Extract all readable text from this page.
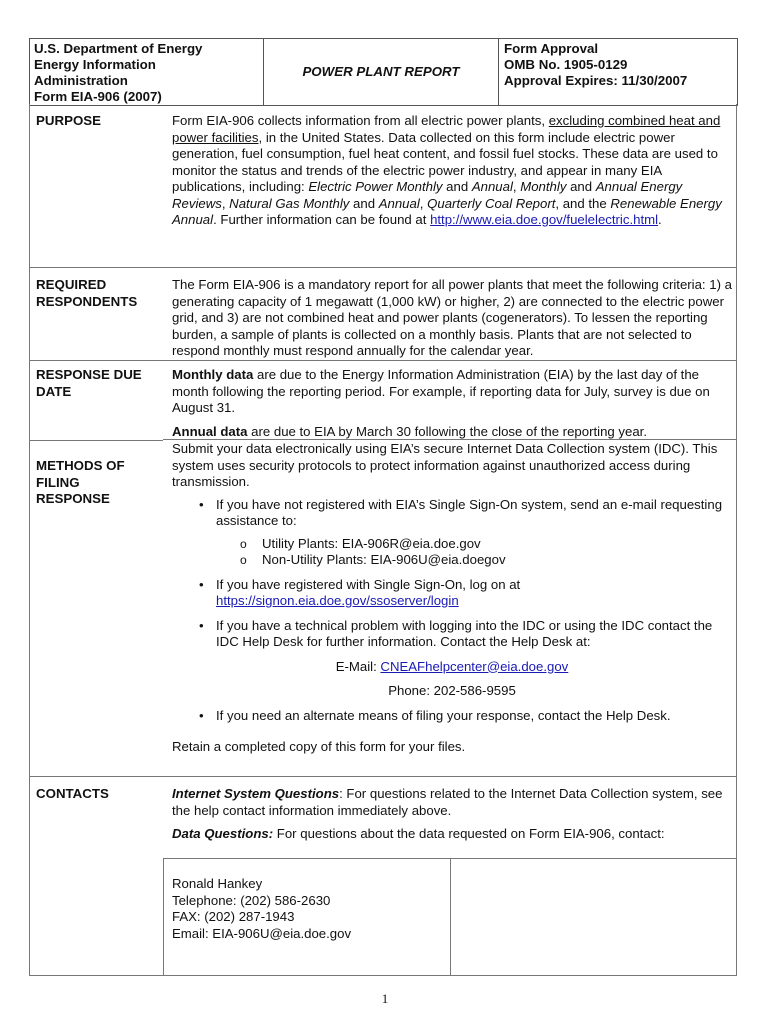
U.S. Department of Energy
Energy Information
Administration
Form EIA-906 (2007)
POWER PLANT REPORT
Form Approval
OMB No. 1905-0129
Approval Expires: 11/30/2007
PURPOSE	Form EIA-906 collects information from all electric power plants, excluding combined heat and power facilities, in the United States. Data collected on this form include electric power generation, fuel consumption, fuel heat content, and fossil fuel stocks. These data are used to monitor the status and trends of the electric power industry, and appear in many EIA publications, including: Electric Power Monthly and Annual, Monthly and Annual Energy Reviews, Natural Gas Monthly and Annual, Quarterly Coal Report, and the Renewable Energy Annual. Further information can be found at http://www.eia.doe.gov/fuelelectric.html.

REQUIRED
RESPONDENTS
The Form EIA-906 is a mandatory report for all power plants that meet the following criteria: 1) a generating capacity of 1 megawatt (1,000 kW) or higher, 2) are connected to the electric power grid, and 3) are not combined heat and power plants (cogenerators). To lessen the reporting burden, a sample of plants is collected on a monthly basis. Plants that are not selected to respond monthly must respond annually for the calendar year.
RESPONSE DUE
DATE

Monthly data are due to the Energy Information Administration (EIA) by the last day of the month following the reporting period. For example, if reporting data for July, survey is due on August 31.

Annual data are due to EIA by March 30 following the close of the reporting year.

METHODS OF
FILING
RESPONSE

Submit your data electronically using EIA’s secure Internet Data Collection system (IDC). This system uses security protocols to protect information against unauthorized access during transmission.

• If you have not registered with EIA’s Single Sign-On system, send an e-mail requesting assistance to:

o Utility Plants: EIA-906R@eia.doe.gov

o Non-Utility Plants: EIA-906U@eia.doegov

• If you have registered with Single Sign-On, log on at
https://signon.eia.doe.gov/ssoserver/login

• If you have a technical problem with logging into the IDC or using the IDC contact the IDC Help Desk for further information. Contact the Help Desk at:

E-Mail: CNEAFhelpcenter@eia.doe.gov

Phone: 202-586-9595

• If you need an alternate means of filing your response, contact the Help Desk.

Retain a completed copy of this form for your files.

CONTACTS	Internet System Questions: For questions related to the Internet Data Collection system, see the help contact information immediately above.

Data Questions: For questions about the data requested on Form EIA-906, contact:

Ronald Hankey
Telephone: (202) 586-2630
FAX: (202) 287-1943
Email: EIA-906U@eia.doe.gov
1
